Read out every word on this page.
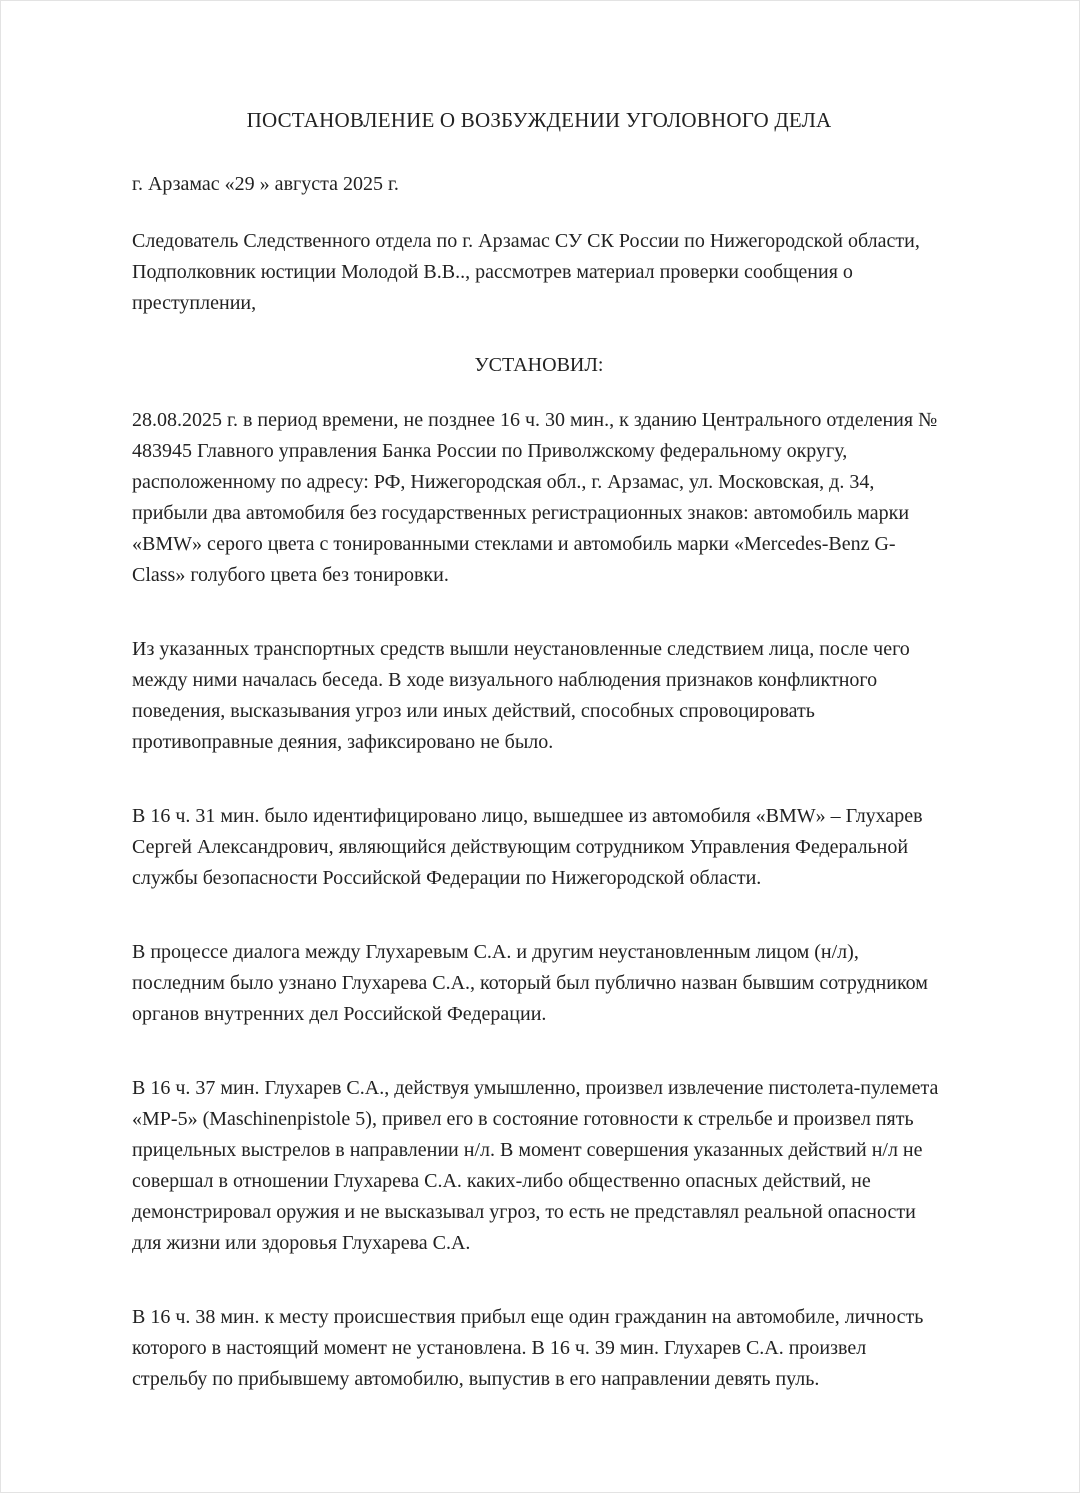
ПОСТАНОВЛЕНИЕ О ВОЗБУЖДЕНИИ УГОЛОВНОГО ДЕЛА

г. Арзамас «29 » августа 2025 г.

Следователь Следственного отдела по г. Арзамас СУ СК России по Нижегородской области, Подполковник юстиции Молодой В.В.., рассмотрев материал проверки сообщения о преступлении,

УСТАНОВИЛ:

28.08.2025 г. в период времени, не позднее 16 ч. 30 мин., к зданию Центрального отделения № 483945 Главного управления Банка России по Приволжскому федеральному округу, расположенному по адресу: РФ, Нижегородская обл., г. Арзамас, ул. Московская, д. 34, прибыли два автомобиля без государственных регистрационных знаков: автомобиль марки «BMW» серого цвета с тонированными стеклами и автомобиль марки «Mercedes-Benz G-Class» голубого цвета без тонировки.

Из указанных транспортных средств вышли неустановленные следствием лица, после чего между ними началась беседа. В ходе визуального наблюдения признаков конфликтного поведения, высказывания угроз или иных действий, способных спровоцировать противоправные деяния, зафиксировано не было.

В 16 ч. 31 мин. было идентифицировано лицо, вышедшее из автомобиля «BMW» – Глухарев Сергей Александрович, являющийся действующим сотрудником Управления Федеральной службы безопасности Российской Федерации по Нижегородской области.

В процессе диалога между Глухаревым С.А. и другим неустановленным лицом (н/л), последним было узнано Глухарева С.А., который был публично назван бывшим сотрудником органов внутренних дел Российской Федерации.

В 16 ч. 37 мин. Глухарев С.А., действуя умышленно, произвел извлечение пистолета-пулемета «MP-5» (Maschinenpistole 5), привел его в состояние готовности к стрельбе и произвел пять прицельных выстрелов в направлении н/л. В момент совершения указанных действий н/л не совершал в отношении Глухарева С.А. каких-либо общественно опасных действий, не демонстрировал оружия и не высказывал угроз, то есть не представлял реальной опасности для жизни или здоровья Глухарева С.А.

В 16 ч. 38 мин. к месту происшествия прибыл еще один гражданин на автомобиле, личность которого в настоящий момент не установлена. В 16 ч. 39 мин. Глухарев С.А. произвел стрельбу по прибывшему автомобилю, выпустив в его направлении девять пуль.
